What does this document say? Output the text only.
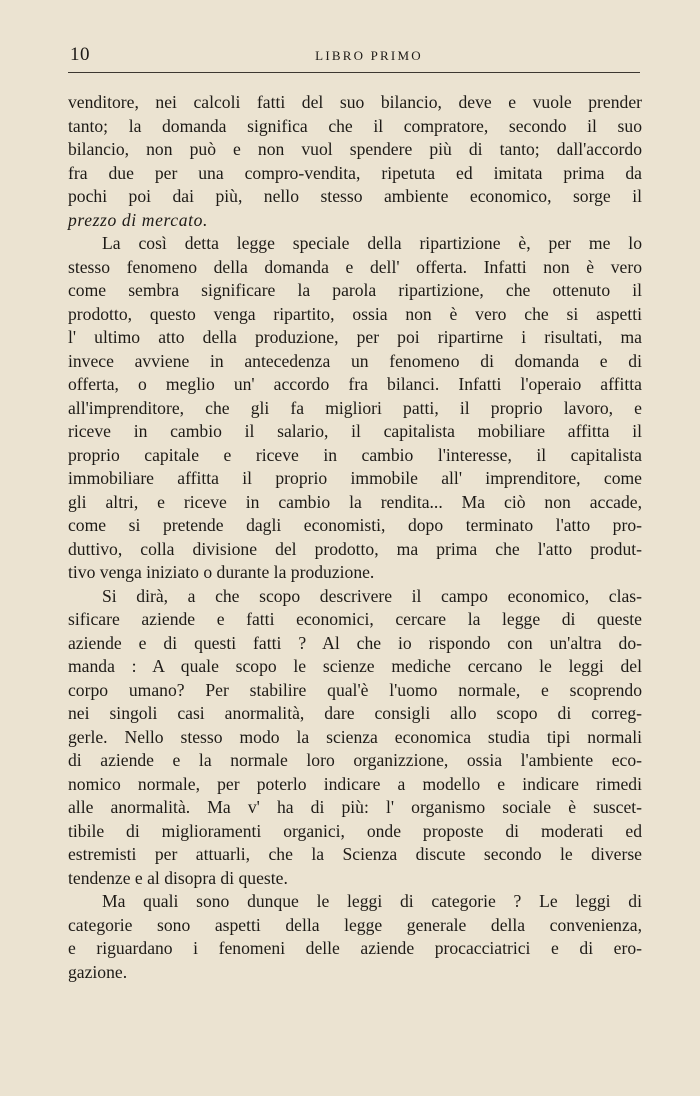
10	LIBRO PRIMO
venditore, nei calcoli fatti del suo bilancio, deve e vuole prender
tanto; la domanda significa che il compratore, secondo il suo
bilancio, non può e non vuol spendere più di tanto; dall'accordo
fra due per una compro-vendita, ripetuta ed imitata prima da
pochi poi dai più, nello stesso ambiente economico, sorge il
prezzo di mercato.
La così detta legge speciale della ripartizione è, per me lo
stesso fenomeno della domanda e dell' offerta. Infatti non è vero
come sembra significare la parola ripartizione, che ottenuto il
prodotto, questo venga ripartito, ossia non è vero che si aspetti
l' ultimo atto della produzione, per poi ripartirne i risultati, ma
invece avviene in antecedenza un fenomeno di domanda e di
offerta, o meglio un' accordo fra bilanci. Infatti l'operaio affitta
all'imprenditore, che gli fa migliori patti, il proprio lavoro, e
riceve in cambio il salario, il capitalista mobiliare affitta il
proprio capitale e riceve in cambio l'interesse, il capitalista
immobiliare affitta il proprio immobile all' imprenditore, come
gli altri, e riceve in cambio la rendita... Ma ciò non accade,
come si pretende dagli economisti, dopo terminato l'atto pro-
duttivo, colla divisione del prodotto, ma prima che l'atto produt-
tivo venga iniziato o durante la produzione.
Si dirà, a che scopo descrivere il campo economico, clas-
sificare aziende e fatti economici, cercare la legge di queste
aziende e di questi fatti ? Al che io rispondo con un'altra do-
manda : A quale scopo le scienze mediche cercano le leggi del
corpo umano? Per stabilire qual'è l'uomo normale, e scoprendo
nei singoli casi anormalità, dare consigli allo scopo di correg-
gerle. Nello stesso modo la scienza economica studia tipi normali
di aziende e la normale loro organizzione, ossia l'ambiente eco-
nomico normale, per poterlo indicare a modello e indicare rimedi
alle anormalità. Ma v' ha di più: l' organismo sociale è suscet-
tibile di miglioramenti organici, onde proposte di moderati ed
estremisti per attuarli, che la Scienza discute secondo le diverse
tendenze e al disopra di queste.
Ma quali sono dunque le leggi di categorie ? Le leggi di
categorie sono aspetti della legge generale della convenienza,
e riguardano i fenomeni delle aziende procacciatrici e di ero-
gazione.
